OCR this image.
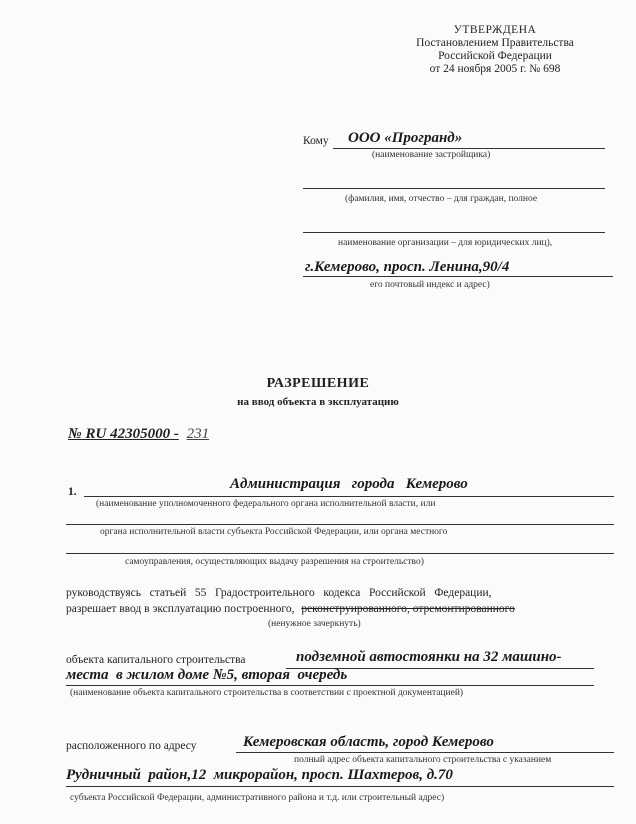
УТВЕРЖДЕНА
Постановлением Правительства
Российской Федерации
от 24 ноября 2005 г. № 698
Кому ООО «Програнд»
(наименование застройщика)
(фамилия, имя, отчество – для граждан, полное
наименование организации – для юридических лиц),
г.Кемерово, просп. Ленина,90/4
его почтовый индекс и адрес)
РАЗРЕШЕНИЕ
на ввод объекта в эксплуатацию
№ RU 42305000 - 231
1.	Администрация   города   Кемерово
(наименование уполномоченного федерального органа исполнительной власти, или
органа исполнительной власти субъекта Российской Федерации, или органа местного
самоуправления, осуществляющих выдачу разрешения на строительство)
руководствуясь   статьей   55   Градостроительного   кодекса   Российской   Федерации,
разрешает ввод в эксплуатацию построенного, реконструированного, отремонтированного
(ненужное зачеркнуть)
объекта капитального строительства	подземной автостоянки на 32 машино-
места  в жилом доме №5, вторая  очередь
(наименование объекта капитального строительства в соответствии с проектной документацией)
расположенного по адресу	Кемеровская область, город Кемерово
полный адрес объекта капитального строительства с указанием
Рудничный  район,12  микрорайон, просп. Шахтеров, д.70
субъекта Российской Федерации, административного района и т.д. или строительный адрес)
